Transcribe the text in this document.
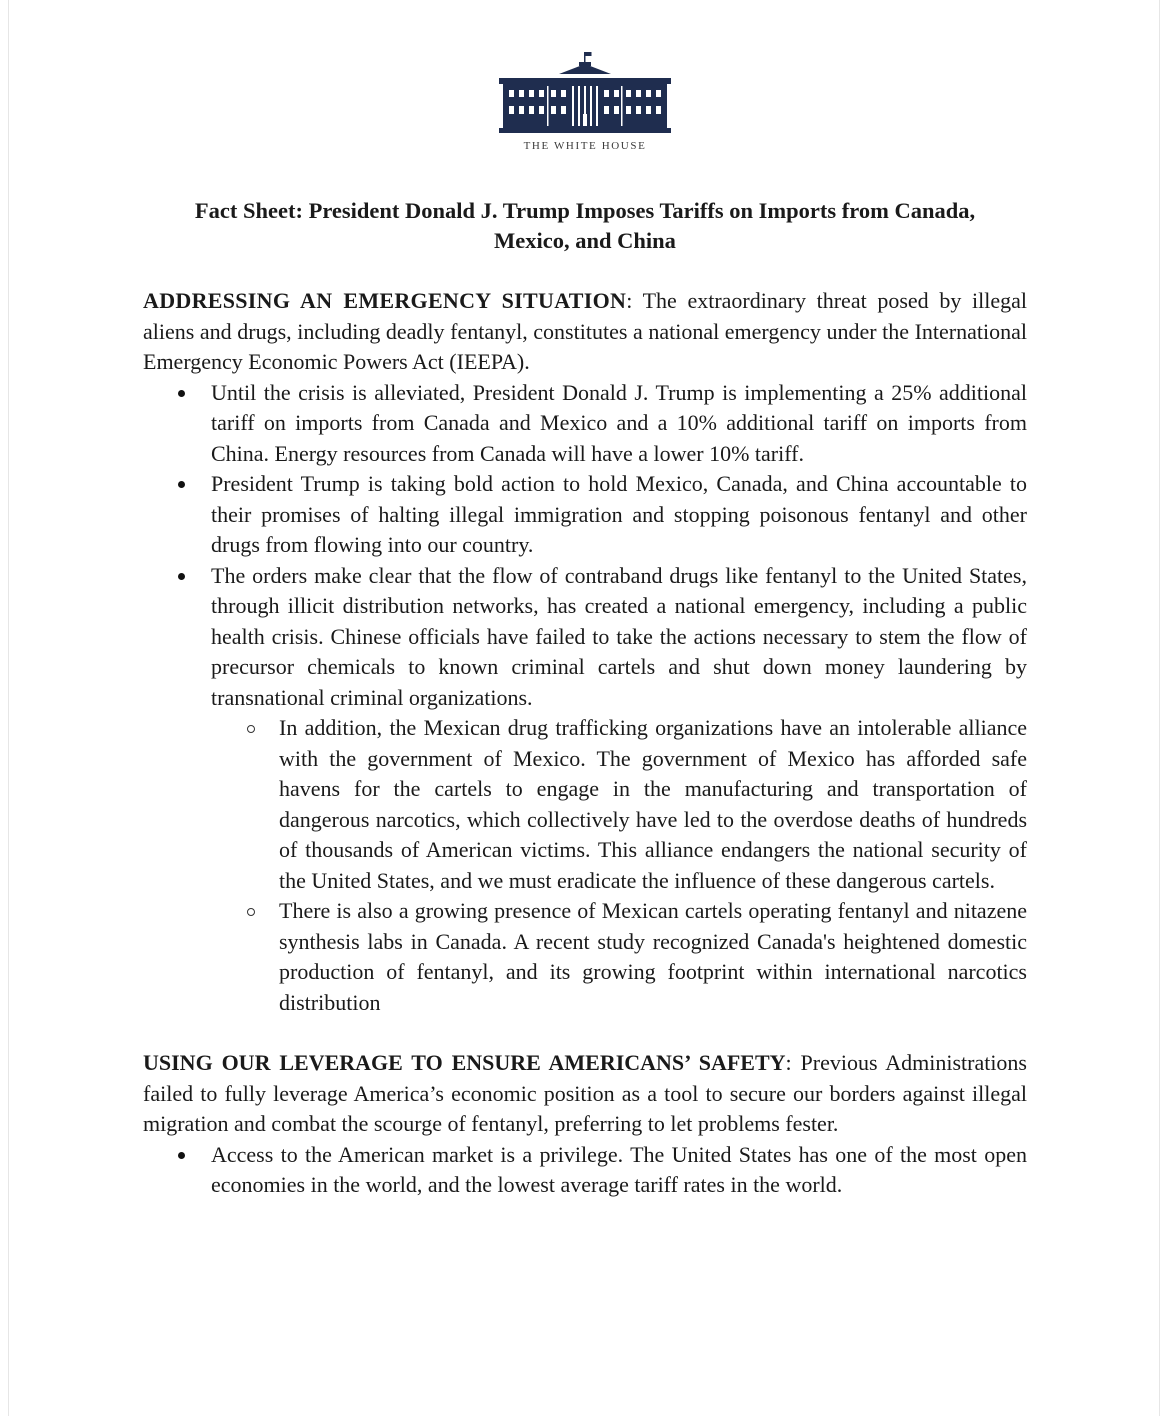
THE WHITE HOUSE
Fact Sheet: President Donald J. Trump Imposes Tariffs on Imports from Canada,
Mexico, and China

ADDRESSING AN EMERGENCY SITUATION: The extraordinary threat posed by illegal aliens and drugs, including deadly fentanyl, constitutes a national emergency under the International Emergency Economic Powers Act (IEEPA).

Until the crisis is alleviated, President Donald J. Trump is implementing a 25% additional tariff on imports from Canada and Mexico and a 10% additional tariff on imports from China. Energy resources from Canada will have a lower 10% tariff.
President Trump is taking bold action to hold Mexico, Canada, and China accountable to their promises of halting illegal immigration and stopping poisonous fentanyl and other drugs from flowing into our country.
The orders make clear that the flow of contraband drugs like fentanyl to the United States, through illicit distribution networks, has created a national emergency, including a public health crisis. Chinese officials have failed to take the actions necessary to stem the flow of precursor chemicals to known criminal cartels and shut down money laundering by transnational criminal organizations.
In addition, the Mexican drug trafficking organizations have an intolerable alliance with the government of Mexico. The government of Mexico has afforded safe havens for the cartels to engage in the manufacturing and transportation of dangerous narcotics, which collectively have led to the overdose deaths of hundreds of thousands of American victims. This alliance endangers the national security of the United States, and we must eradicate the influence of these dangerous cartels.
There is also a growing presence of Mexican cartels operating fentanyl and nitazene synthesis labs in Canada. A recent study recognized Canada's heightened domestic production of fentanyl, and its growing footprint within international narcotics distribution

USING OUR LEVERAGE TO ENSURE AMERICANS’ SAFETY: Previous Administrations failed to fully leverage America’s economic position as a tool to secure our borders against illegal migration and combat the scourge of fentanyl, preferring to let problems fester.

Access to the American market is a privilege. The United States has one of the most open economies in the world, and the lowest average tariff rates in the world.
